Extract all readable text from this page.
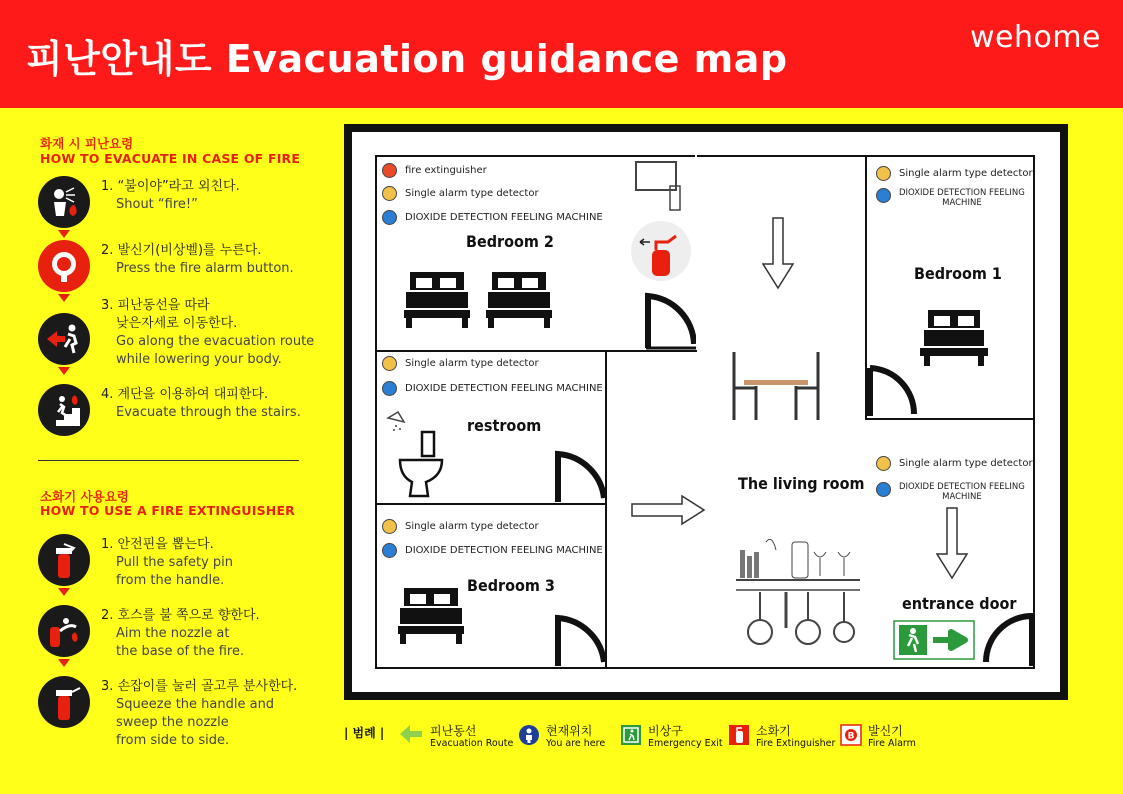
피난안내도 Evacuation guidance map	wehome
화재 시 피난요령
HOW TO EVACUATE IN CASE OF FIRE
1. “불이야”라고 외친다.
Shout “fire!”
2. 발신기(비상벨)를 누른다.
Press the fire alarm button.
3. 피난동선을 따라
낮은자세로 이동한다.
Go along the evacuation route
while lowering your body.
4. 계단을 이용하여 대피한다.
Evacuate through the stairs.
소화기 사용요령
HOW TO USE A FIRE EXTINGUISHER
1. 안전핀을 뽑는다.
Pull the safety pin
from the handle.
2. 호스를 불 쪽으로 향한다.
Aim the nozzle at
the base of the fire.
3. 손잡이를 눌러 골고루 분사한다.
Squeeze the handle and
sweep the nozzle
from side to side.
fire extinguisher
Single alarm type detector
DIOXIDE DETECTION FEELING MACHINE
Bedroom 2
Single alarm type detector
DIOXIDE DETECTION FEELING MACHINE
restroom
Single alarm type detector
DIOXIDE DETECTION FEELING MACHINE
Bedroom 3
Single alarm type detector
DIOXIDE DETECTION FEELING
MACHINE
Bedroom 1
Single alarm type detector
DIOXIDE DETECTION FEELING
MACHINE
entrance door
The living room
| 범례 |	피난동선
Evacuation Route
현재위치
You are here
비상구
Emergency Exit
소화기
Fire Extinguisher
B 발신기
Fire Alarm
